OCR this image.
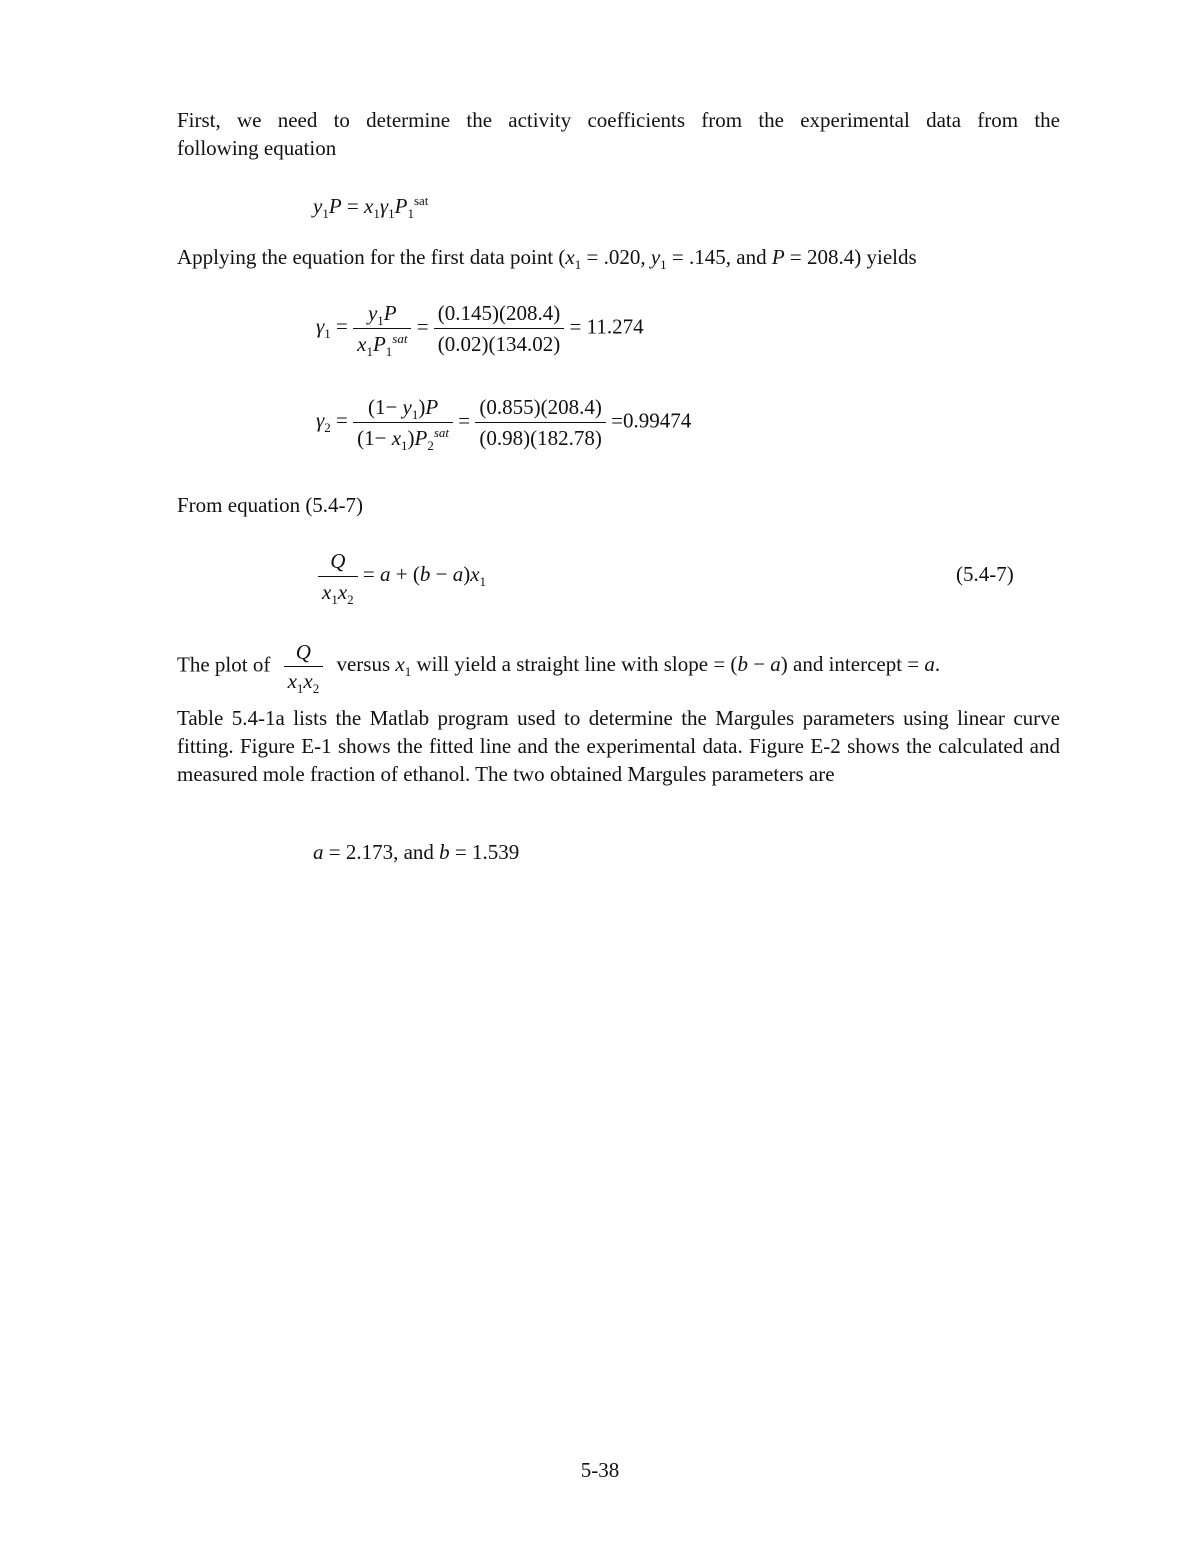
First, we need to determine the activity coefficients from the experimental data from the
following equation
$y_1P = x_1\gamma_1P_1^{sat}$
Applying the equation for the first data point ($x_1 = .020$, $y_1 = .145$, and P = 208.4) yields
$\gamma_1 = \frac{y_1P}{x_1P_1^{sat}} = \frac{(0.145)(208.4)}{(0.02)(134.02)} = 11.274$
$\gamma_2 = \frac{(1- y_1)P}{(1- x_1)P_2^{sat}} = \frac{(0.855)(208.4)}{(0.98)(182.78)} =0.99474$
From equation (5.4-7)
$\frac{Q}{x_1x_2} = a + (b - a)x_1$	(5.4-7)
The plot of $\frac{Q}{x_1x_2}$ versus $x_1$ will yield a straight line with slope = (b − a) and intercept = a.
Table 5.4-1a lists the Matlab program used to determine the Margules parameters using linear curve fitting. Figure E-1 shows the fitted line and the experimental data. Figure E-2 shows the calculated and measured mole fraction of ethanol. The two obtained Margules parameters are
a = 2.173, and b = 1.539
5-38
